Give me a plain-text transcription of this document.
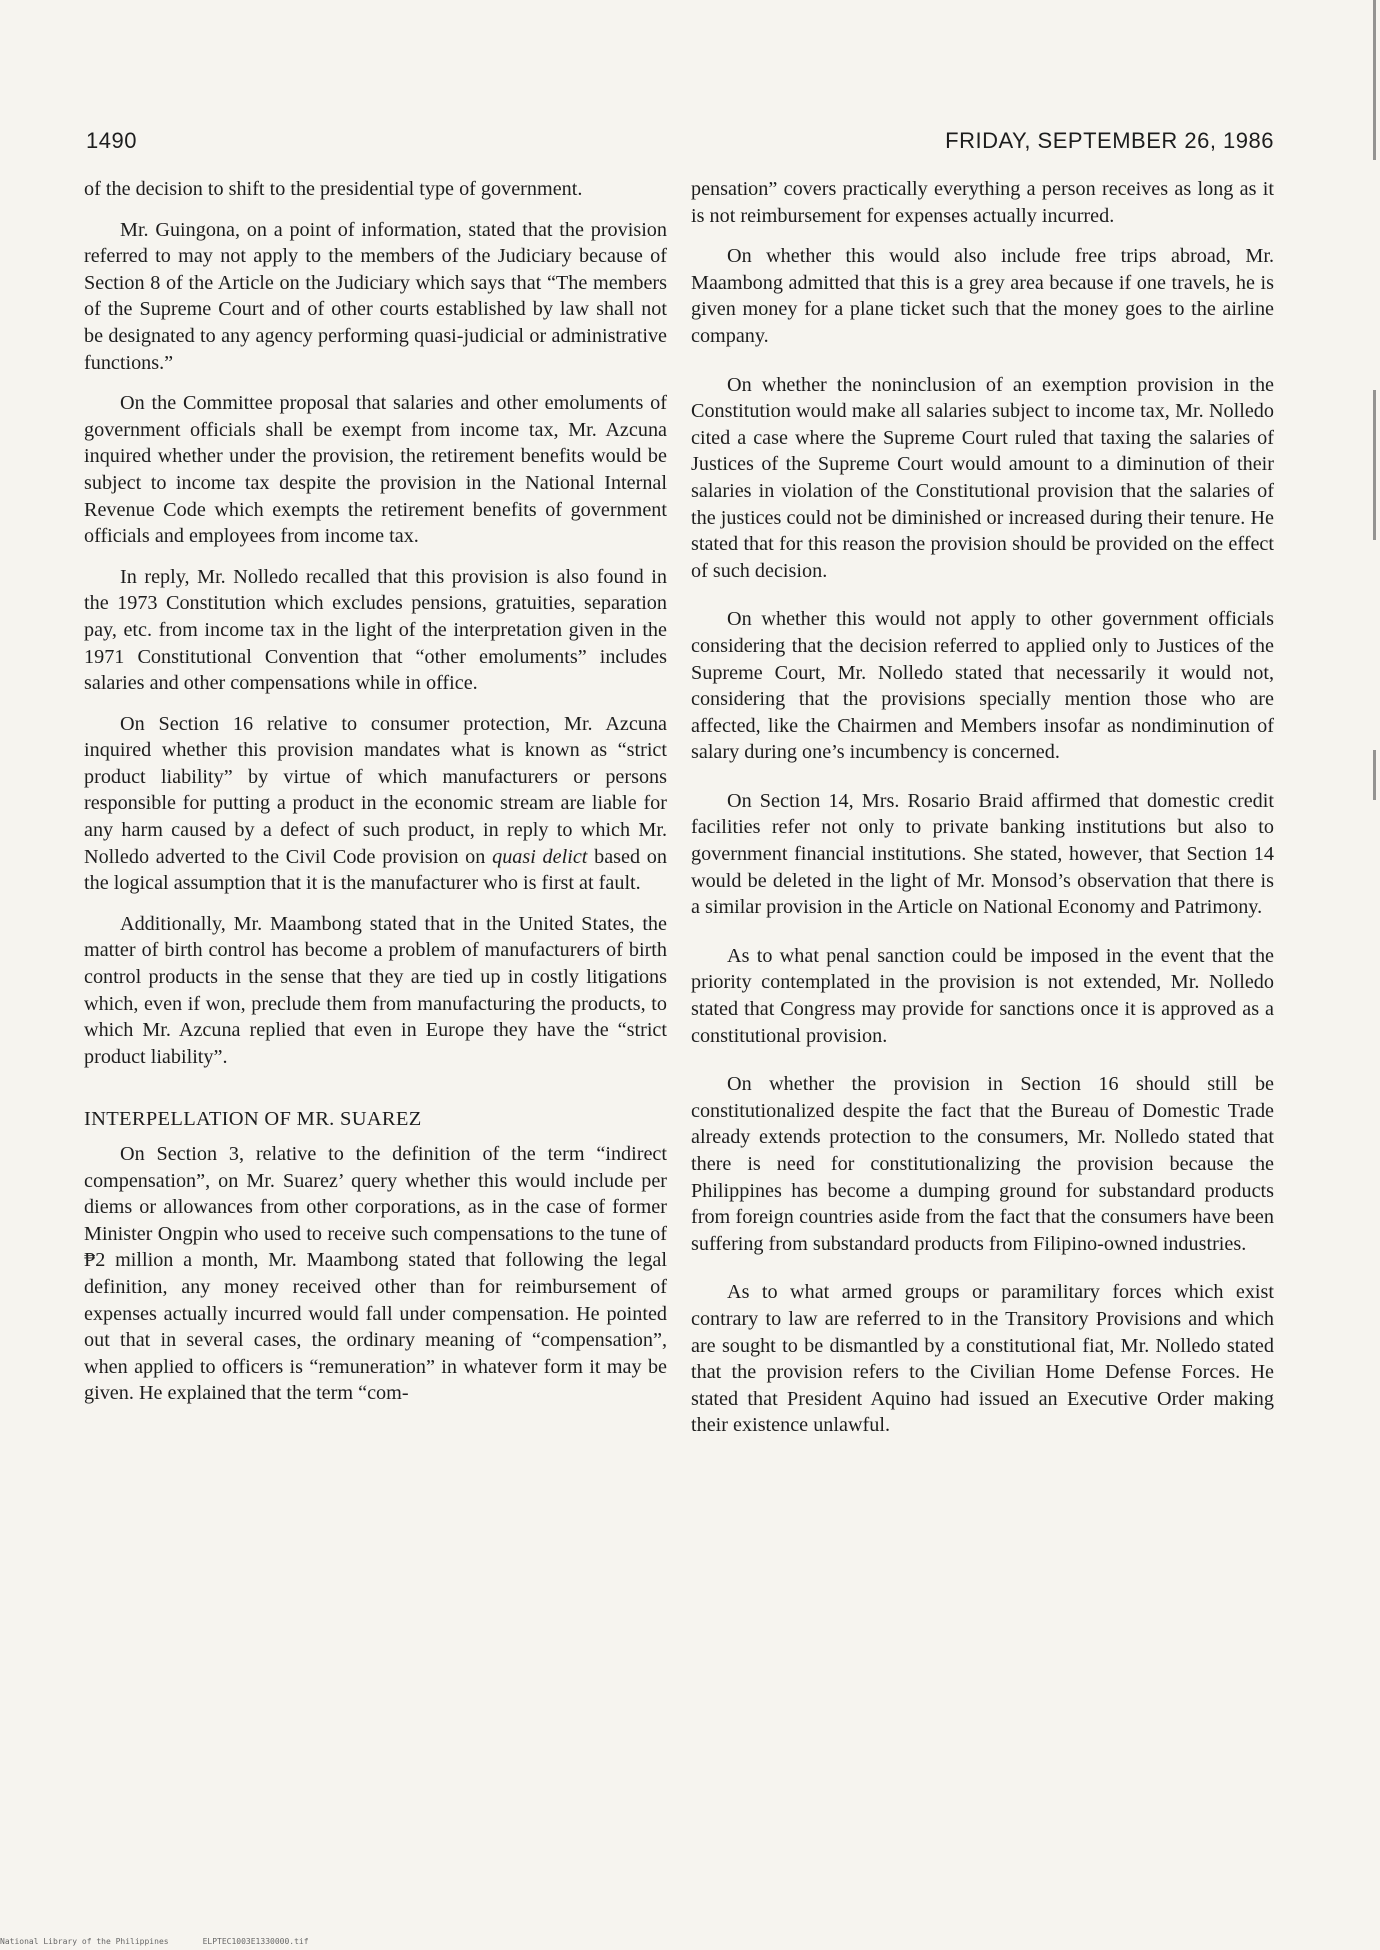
1490	FRIDAY, SEPTEMBER 26, 1986

of the decision to shift to the presidential type of government.

Mr. Guingona, on a point of information, stated that the provision referred to may not apply to the members of the Judiciary because of Section 8 of the Article on the Judiciary which says that “The members of the Supreme Court and of other courts established by law shall not be designated to any agency performing quasi-judicial or administrative functions.”

On the Committee proposal that salaries and other emoluments of government officials shall be exempt from income tax, Mr. Azcuna inquired whether under the provision, the retirement benefits would be subject to income tax despite the provision in the National Internal Revenue Code which exempts the retirement benefits of government officials and employees from income tax.

In reply, Mr. Nolledo recalled that this provision is also found in the 1973 Constitution which excludes pensions, gratuities, separation pay, etc. from income tax in the light of the interpretation given in the 1971 Constitutional Convention that “other emoluments” includes salaries and other compensations while in office.

On Section 16 relative to consumer protection, Mr. Azcuna inquired whether this provision mandates what is known as “strict product liability” by virtue of which manufacturers or persons responsible for putting a product in the economic stream are liable for any harm caused by a defect of such product, in reply to which Mr. Nolledo adverted to the Civil Code provision on quasi delict based on the logical assumption that it is the manufacturer who is first at fault.

Additionally, Mr. Maambong stated that in the United States, the matter of birth control has become a problem of manufacturers of birth control products in the sense that they are tied up in costly litigations which, even if won, preclude them from manufacturing the products, to which Mr. Azcuna replied that even in Europe they have the “strict product liability”.

INTERPELLATION OF MR. SUAREZ

On Section 3, relative to the definition of the term “indirect compensation”, on Mr. Suarez’ query whether this would include per diems or allowances from other corporations, as in the case of former Minister Ongpin who used to receive such compensations to the tune of ₱2 million a month, Mr. Maambong stated that following the legal definition, any money received other than for reimbursement of expenses actually incurred would fall under compensation. He pointed out that in several cases, the ordinary meaning of “compensation”, when applied to officers is “remuneration” in whatever form it may be given. He explained that the term “com-

pensation” covers practically everything a person receives as long as it is not reimbursement for expenses actually incurred.

On whether this would also include free trips abroad, Mr. Maambong admitted that this is a grey area because if one travels, he is given money for a plane ticket such that the money goes to the airline company.

On whether the noninclusion of an exemption provision in the Constitution would make all salaries subject to income tax, Mr. Nolledo cited a case where the Supreme Court ruled that taxing the salaries of Justices of the Supreme Court would amount to a diminution of their salaries in violation of the Constitutional provision that the salaries of the justices could not be diminished or increased during their tenure. He stated that for this reason the provision should be provided on the effect of such decision.

On whether this would not apply to other government officials considering that the decision referred to applied only to Justices of the Supreme Court, Mr. Nolledo stated that necessarily it would not, considering that the provisions specially mention those who are affected, like the Chairmen and Members insofar as nondiminution of salary during one’s incumbency is concerned.

On Section 14, Mrs. Rosario Braid affirmed that domestic credit facilities refer not only to private banking institutions but also to government financial institutions. She stated, however, that Section 14 would be deleted in the light of Mr. Monsod’s observation that there is a similar provision in the Article on National Economy and Patrimony.

As to what penal sanction could be imposed in the event that the priority contemplated in the provision is not extended, Mr. Nolledo stated that Congress may provide for sanctions once it is approved as a constitutional provision.

On whether the provision in Section 16 should still be constitutionalized despite the fact that the Bureau of Domestic Trade already extends protection to the consumers, Mr. Nolledo stated that there is need for constitutionalizing the provision because the Philippines has become a dumping ground for substandard products from foreign countries aside from the fact that the consumers have been suffering from substandard products from Filipino-owned industries.

As to what armed groups or paramilitary forces which exist contrary to law are referred to in the Transitory Provisions and which are sought to be dismantled by a constitutional fiat, Mr. Nolledo stated that the provision refers to the Civilian Home Defense Forces. He stated that President Aquino had issued an Executive Order making their existence unlawful.

National Library of the Philippines	ELPTEC1003E1330000.tif
